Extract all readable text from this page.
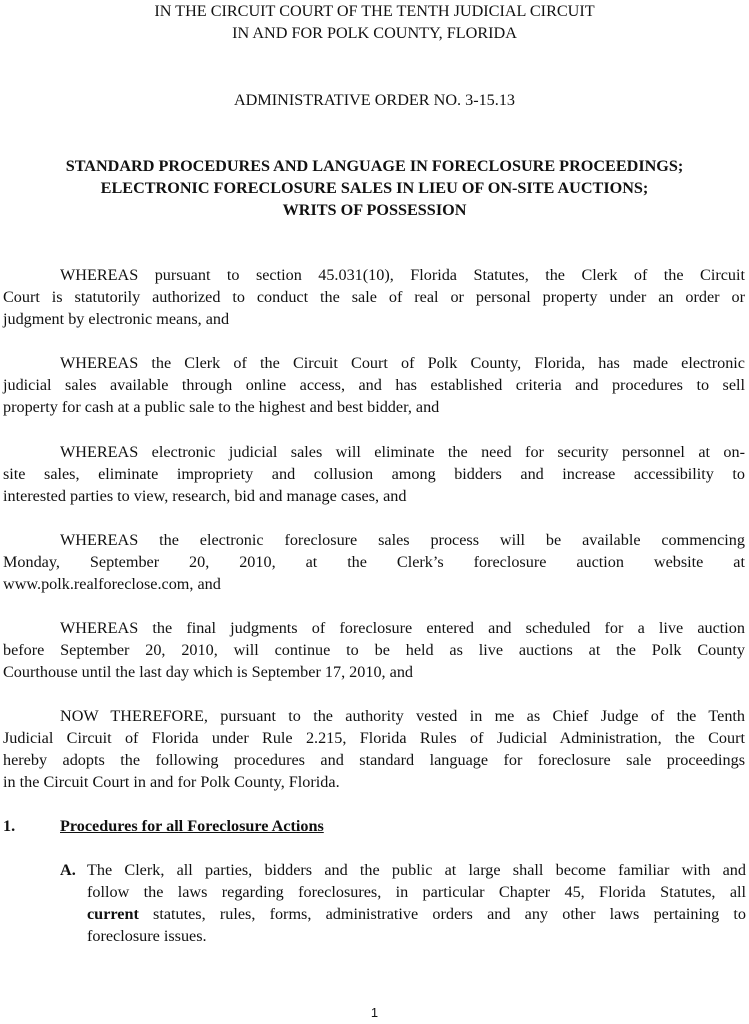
IN THE CIRCUIT COURT OF THE TENTH JUDICIAL CIRCUIT
IN AND FOR POLK COUNTY, FLORIDA
ADMINISTRATIVE ORDER NO. 3-15.13
STANDARD PROCEDURES AND LANGUAGE IN FORECLOSURE PROCEEDINGS;
ELECTRONIC FORECLOSURE SALES IN LIEU OF ON-SITE AUCTIONS;
WRITS OF POSSESSION
WHEREAS pursuant to section 45.031(10), Florida Statutes, the Clerk of the Circuit
Court is statutorily authorized to conduct the sale of real or personal property under an order or
judgment by electronic means, and
WHEREAS the Clerk of the Circuit Court of Polk County, Florida, has made electronic
judicial sales available through online access, and has established criteria and procedures to sell
property for cash at a public sale to the highest and best bidder, and
WHEREAS electronic judicial sales will eliminate the need for security personnel at on-
site sales, eliminate impropriety and collusion among bidders and increase accessibility to
interested parties to view, research, bid and manage cases, and
WHEREAS the electronic foreclosure sales process will be available commencing
Monday, September 20, 2010, at the Clerk’s foreclosure auction website at
www.polk.realforeclose.com, and
WHEREAS the final judgments of foreclosure entered and scheduled for a live auction
before September 20, 2010, will continue to be held as live auctions at the Polk County
Courthouse until the last day which is September 17, 2010, and
NOW THEREFORE, pursuant to the authority vested in me as Chief Judge of the Tenth
Judicial Circuit of Florida under Rule 2.215, Florida Rules of Judicial Administration, the Court
hereby adopts the following procedures and standard language for foreclosure sale proceedings
in the Circuit Court in and for Polk County, Florida.
1.	Procedures for all Foreclosure Actions
A. The Clerk, all parties, bidders and the public at large shall become familiar with and
follow the laws regarding foreclosures, in particular Chapter 45, Florida Statutes, all
current statutes, rules, forms, administrative orders and any other laws pertaining to
foreclosure issues.
1
